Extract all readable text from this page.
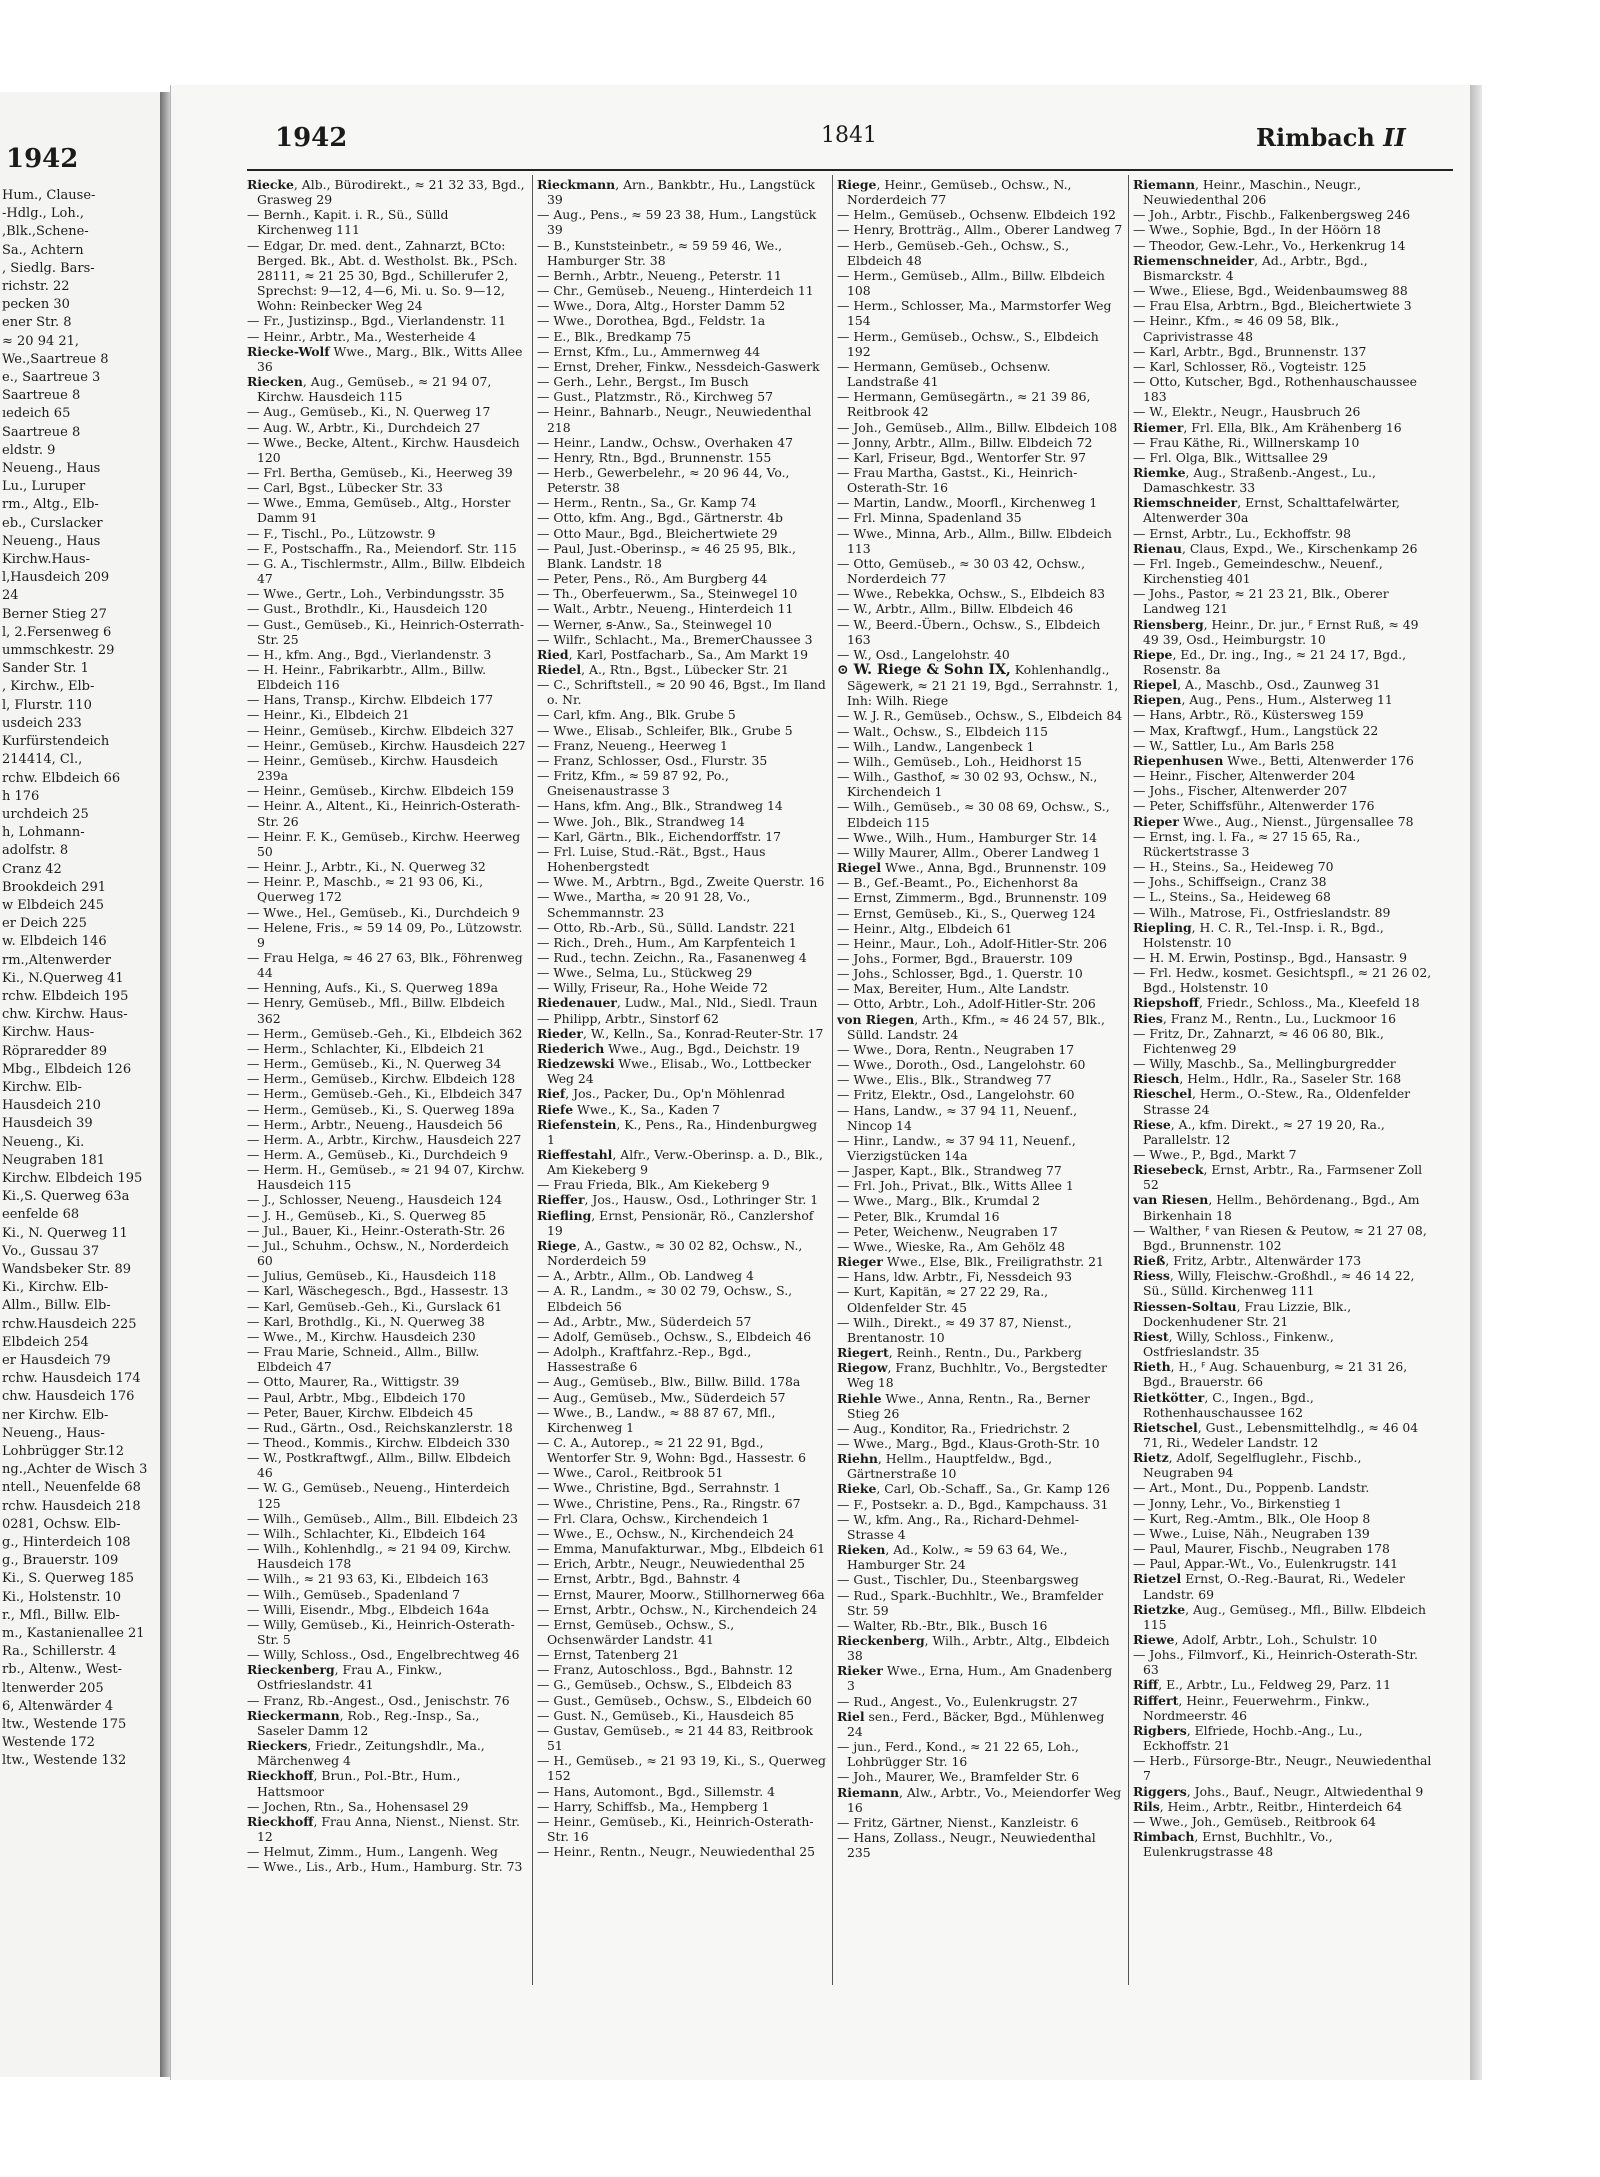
1942
Hum., Clause-
-Hdlg., Loh.,
,Blk.,Schene-
Sa., Achtern
, Siedlg. Bars-
richstr. 22
pecken 30
ener Str. 8
≈ 20 94 21,
We.,Saartreue 8
e., Saartreue 3
Saartreue 8
ıedeich 65
Saartreue 8
eldstr. 9
Neueng., Haus
Lu., Luruper
rm., Altg., Elb-
eb., Curslacker
Neueng., Haus
Kirchw.Haus-
l,Hausdeich 209
24
Berner Stieg 27
l, 2.Fersenweg 6
ummschkestr. 29
Sander Str. 1
, Kirchw., Elb-
l, Flurstr. 110
usdeich 233
Kurfürstendeich
214414, Cl.,
rchw. Elbdeich 66
h 176
urchdeich 25
h, Lohmann-
adolfstr. 8
Cranz 42
Brookdeich 291
w Elbdeich 245
er Deich 225
w. Elbdeich 146
rm.,Altenwerder
Ki., N.Querweg 41
rchw. Elbdeich 195
chw. Kirchw. Haus-
Kirchw. Haus-
Röpraredder 89
Mbg., Elbdeich 126
Kirchw. Elb-
Hausdeich 210
Hausdeich 39
Neueng., Ki.
Neugraben 181
Kirchw. Elbdeich 195
Ki.,S. Querweg 63a
eenfelde 68
Ki., N. Querweg 11
Vo., Gussau 37
Wandsbeker Str. 89
Ki., Kirchw. Elb-
Allm., Billw. Elb-
rchw.Hausdeich 225
Elbdeich 254
er Hausdeich 79
rchw. Hausdeich 174
chw. Hausdeich 176
ner Kirchw. Elb-
Neueng., Haus-
Lohbrügger Str.12
ng.,Achter de Wisch 3
ntell., Neuenfelde 68
rchw. Hausdeich 218
0281, Ochsw. Elb-
g., Hinterdeich 108
g., Brauerstr. 109
Ki., S. Querweg 185
Ki., Holstenstr. 10
r., Mfl., Billw. Elb-
m., Kastanienallee 21
Ra., Schillerstr. 4
rb., Altenw., West-
ltenwerder 205
6, Altenwärder 4
ltw., Westende 175
Westende 172
ltw., Westende 132
1942	1841	Rimbach II
Riecke, Alb., Bürodirekt., ≈ 21 32 33, Bgd., Grasweg 29
— Bernh., Kapit. i. R., Sü., Sülld Kirchenweg 111
— Edgar, Dr. med. dent., Zahnarzt, BCto: Berged. Bk., Abt. d. Westholst. Bk., PSch. 28111, ≈ 21 25 30, Bgd., Schillerufer 2, Sprechst: 9—12, 4—6, Mi. u. So. 9—12, Wohn: Reinbecker Weg 24
— Fr., Justizinsp., Bgd., Vierlandenstr. 11
— Heinr., Arbtr., Ma., Westerheide 4
Riecke-Wolf Wwe., Marg., Blk., Witts Allee 36
Riecken, Aug., Gemüseb., ≈ 21 94 07, Kirchw. Hausdeich 115
— Aug., Gemüseb., Ki., N. Querweg 17
— Aug. W., Arbtr., Ki., Durchdeich 27
— Wwe., Becke, Altent., Kirchw. Hausdeich 120
— Frl. Bertha, Gemüseb., Ki., Heerweg 39
— Carl, Bgst., Lübecker Str. 33
— Wwe., Emma, Gemüseb., Altg., Horster Damm 91
— F., Tischl., Po., Lützowstr. 9
— F., Postschaffn., Ra., Meiendorf. Str. 115
— G. A., Tischlermstr., Allm., Billw. Elbdeich 47
— Wwe., Gertr., Loh., Verbindungsstr. 35
— Gust., Brothdlr., Ki., Hausdeich 120
— Gust., Gemüseb., Ki., Heinrich-Osterrath-Str. 25
— H., kfm. Ang., Bgd., Vierlandenstr. 3
— H. Heinr., Fabrikarbtr., Allm., Billw. Elbdeich 116
— Hans, Transp., Kirchw. Elbdeich 177
— Heinr., Ki., Elbdeich 21
— Heinr., Gemüseb., Kirchw. Elbdeich 327
— Heinr., Gemüseb., Kirchw. Hausdeich 227
— Heinr., Gemüseb., Kirchw. Hausdeich 239a
— Heinr., Gemüseb., Kirchw. Elbdeich 159
— Heinr. A., Altent., Ki., Heinrich-Osterath-Str. 26
— Heinr. F. K., Gemüseb., Kirchw. Heerweg 50
— Heinr. J., Arbtr., Ki., N. Querweg 32
— Heinr. P., Maschb., ≈ 21 93 06, Ki., Querweg 172
— Wwe., Hel., Gemüseb., Ki., Durchdeich 9
— Helene, Fris., ≈ 59 14 09, Po., Lützowstr. 9
— Frau Helga, ≈ 46 27 63, Blk., Föhrenweg 44
— Henning, Aufs., Ki., S. Querweg 189a
— Henry, Gemüseb., Mfl., Billw. Elbdeich 362
— Herm., Gemüseb.-Geh., Ki., Elbdeich 362
— Herm., Schlachter, Ki., Elbdeich 21
— Herm., Gemüseb., Ki., N. Querweg 34
— Herm., Gemüseb., Kirchw. Elbdeich 128
— Herm., Gemüseb.-Geh., Ki., Elbdeich 347
— Herm., Gemüseb., Ki., S. Querweg 189a
— Herm., Arbtr., Neueng., Hausdeich 56
— Herm. A., Arbtr., Kirchw., Hausdeich 227
— Herm. A., Gemüseb., Ki., Durchdeich 9
— Herm. H., Gemüseb., ≈ 21 94 07, Kirchw. Hausdeich 115
— J., Schlosser, Neueng., Hausdeich 124
— J. H., Gemüseb., Ki., S. Querweg 85
— Jul., Bauer, Ki., Heinr.-Osterath-Str. 26
— Jul., Schuhm., Ochsw., N., Norderdeich 60
— Julius, Gemüseb., Ki., Hausdeich 118
— Karl, Wäschegesch., Bgd., Hassestr. 13
— Karl, Gemüseb.-Geh., Ki., Gurslack 61
— Karl, Brothdlg., Ki., N. Querweg 38
— Wwe., M., Kirchw. Hausdeich 230
— Frau Marie, Schneid., Allm., Billw. Elbdeich 47
— Otto, Maurer, Ra., Wittigstr. 39
— Paul, Arbtr., Mbg., Elbdeich 170
— Peter, Bauer, Kirchw. Elbdeich 45
— Rud., Gärtn., Osd., Reichskanzlerstr. 18
— Theod., Kommis., Kirchw. Elbdeich 330
— W., Postkraftwgf., Allm., Billw. Elbdeich 46
— W. G., Gemüseb., Neueng., Hinterdeich 125
— Wilh., Gemüseb., Allm., Bill. Elbdeich 23
— Wilh., Schlachter, Ki., Elbdeich 164
— Wilh., Kohlenhdlg., ≈ 21 94 09, Kirchw. Hausdeich 178
— Wilh., ≈ 21 93 63, Ki., Elbdeich 163
— Wilh., Gemüseb., Spadenland 7
— Willi, Eisendr., Mbg., Elbdeich 164a
— Willy, Gemüseb., Ki., Heinrich-Osterath-Str. 5
— Willy, Schloss., Osd., Engelbrechtweg 46
Rieckenberg, Frau A., Finkw., Ostfrieslandstr. 41
— Franz, Rb.-Angest., Osd., Jenischstr. 76
Rieckermann, Rob., Reg.-Insp., Sa., Saseler Damm 12
Rieckers, Friedr., Zeitungshdlr., Ma., Märchenweg 4
Rieckhoff, Brun., Pol.-Btr., Hum., Hattsmoor
— Jochen, Rtn., Sa., Hohensasel 29
Rieckhoff, Frau Anna, Nienst., Nienst. Str. 12
— Helmut, Zimm., Hum., Langenh. Weg
— Wwe., Lis., Arb., Hum., Hamburg. Str. 73
Rieckmann, Arn., Bankbtr., Hu., Langstück 39
— Aug., Pens., ≈ 59 23 38, Hum., Langstück 39
— B., Kunststeinbetr., ≈ 59 59 46, We., Hamburger Str. 38
— Bernh., Arbtr., Neueng., Peterstr. 11
— Chr., Gemüseb., Neueng., Hinterdeich 11
— Wwe., Dora, Altg., Horster Damm 52
— Wwe., Dorothea, Bgd., Feldstr. 1a
— E., Blk., Bredkamp 75
— Ernst, Kfm., Lu., Ammernweg 44
— Ernst, Dreher, Finkw., Nessdeich-Gaswerk
— Gerh., Lehr., Bergst., Im Busch
— Gust., Platzmstr., Rö., Kirchweg 57
— Heinr., Bahnarb., Neugr., Neuwiedenthal 218
— Heinr., Landw., Ochsw., Overhaken 47
— Henry, Rtn., Bgd., Brunnenstr. 155
— Herb., Gewerbelehr., ≈ 20 96 44, Vo., Peterstr. 38
— Herm., Rentn., Sa., Gr. Kamp 74
— Otto, kfm. Ang., Bgd., Gärtnerstr. 4b
— Otto Maur., Bgd., Bleichertwiete 29
— Paul, Just.-Oberinsp., ≈ 46 25 95, Blk., Blank. Landstr. 18
— Peter, Pens., Rö., Am Burgberg 44
— Th., Oberfeuerwm., Sa., Steinwegel 10
— Walt., Arbtr., Neueng., Hinterdeich 11
— Werner, ꞩ-Anw., Sa., Steinwegel 10
— Wilfr., Schlacht., Ma., BremerChaussee 3
Ried, Karl, Postfacharb., Sa., Am Markt 19
Riedel, A., Rtn., Bgst., Lübecker Str. 21
— C., Schriftstell., ≈ 20 90 46, Bgst., Im Iland o. Nr.
— Carl, kfm. Ang., Blk. Grube 5
— Wwe., Elisab., Schleifer, Blk., Grube 5
— Franz, Neueng., Heerweg 1
— Franz, Schlosser, Osd., Flurstr. 35
— Fritz, Kfm., ≈ 59 87 92, Po., Gneisenaustrasse 3
— Hans, kfm. Ang., Blk., Strandweg 14
— Wwe. Joh., Blk., Strandweg 14
— Karl, Gärtn., Blk., Eichendorffstr. 17
— Frl. Luise, Stud.-Rät., Bgst., Haus Hohenbergstedt
— Wwe. M., Arbtrn., Bgd., Zweite Querstr. 16
— Wwe., Martha, ≈ 20 91 28, Vo., Schemmannstr. 23
— Otto, Rb.-Arb., Sü., Sülld. Landstr. 221
— Rich., Dreh., Hum., Am Karpfenteich 1
— Rud., techn. Zeichn., Ra., Fasanenweg 4
— Wwe., Selma, Lu., Stückweg 29
— Willy, Friseur, Ra., Hohe Weide 72
Riedenauer, Ludw., Mal., Nld., Siedl. Traun
— Philipp, Arbtr., Sinstorf 62
Rieder, W., Kelln., Sa., Konrad-Reuter-Str. 17
Riederich Wwe., Aug., Bgd., Deichstr. 19
Riedzewski Wwe., Elisab., Wo., Lottbecker Weg 24
Rief, Jos., Packer, Du., Op'n Möhlenrad
Riefe Wwe., K., Sa., Kaden 7
Riefenstein, K., Pens., Ra., Hindenburgweg 1
Rieffestahl, Alfr., Verw.-Oberinsp. a. D., Blk., Am Kiekeberg 9
— Frau Frieda, Blk., Am Kiekeberg 9
Rieffer, Jos., Hausw., Osd., Lothringer Str. 1
Riefling, Ernst, Pensionär, Rö., Canzlershof 19
Riege, A., Gastw., ≈ 30 02 82, Ochsw., N., Norderdeich 59
— A., Arbtr., Allm., Ob. Landweg 4
— A. R., Landm., ≈ 30 02 79, Ochsw., S., Elbdeich 56
— Ad., Arbtr., Mw., Süderdeich 57
— Adolf, Gemüseb., Ochsw., S., Elbdeich 46
— Adolph., Kraftfahrz.-Rep., Bgd., Hassestraße 6
— Aug., Gemüseb., Blw., Billw. Billd. 178a
— Aug., Gemüseb., Mw., Süderdeich 57
— Wwe., B., Landw., ≈ 88 87 67, Mfl., Kirchenweg 1
— C. A., Autorep., ≈ 21 22 91, Bgd., Wentorfer Str. 9, Wohn: Bgd., Hassestr. 6
— Wwe., Carol., Reitbrook 51
— Wwe., Christine, Bgd., Serrahnstr. 1
— Wwe., Christine, Pens., Ra., Ringstr. 67
— Frl. Clara, Ochsw., Kirchendeich 1
— Wwe., E., Ochsw., N., Kirchendeich 24
— Emma, Manufakturwar., Mbg., Elbdeich 61
— Erich, Arbtr., Neugr., Neuwiedenthal 25
— Ernst, Arbtr., Bgd., Bahnstr. 4
— Ernst, Maurer, Moorw., Stillhornerweg 66a
— Ernst, Arbtr., Ochsw., N., Kirchendeich 24
— Ernst, Gemüseb., Ochsw., S., Ochsenwärder Landstr. 41
— Ernst, Tatenberg 21
— Franz, Autoschloss., Bgd., Bahnstr. 12
— G., Gemüseb., Ochsw., S., Elbdeich 83
— Gust., Gemüseb., Ochsw., S., Elbdeich 60
— Gust. N., Gemüseb., Ki., Hausdeich 85
— Gustav, Gemüseb., ≈ 21 44 83, Reitbrook 51
— H., Gemüseb., ≈ 21 93 19, Ki., S., Querweg 152
— Hans, Automont., Bgd., Sillemstr. 4
— Harry, Schiffsb., Ma., Hempberg 1
— Heinr., Gemüseb., Ki., Heinrich-Osterath-Str. 16
— Heinr., Rentn., Neugr., Neuwiedenthal 25
Riege, Heinr., Gemüseb., Ochsw., N., Norderdeich 77
— Helm., Gemüseb., Ochsenw. Elbdeich 192
— Henry, Brotträg., Allm., Oberer Landweg 7
— Herb., Gemüseb.-Geh., Ochsw., S., Elbdeich 48
— Herm., Gemüseb., Allm., Billw. Elbdeich 108
— Herm., Schlosser, Ma., Marmstorfer Weg 154
— Herm., Gemüseb., Ochsw., S., Elbdeich 192
— Hermann, Gemüseb., Ochsenw. Landstraße 41
— Hermann, Gemüsegärtn., ≈ 21 39 86, Reitbrook 42
— Joh., Gemüseb., Allm., Billw. Elbdeich 108
— Jonny, Arbtr., Allm., Billw. Elbdeich 72
— Karl, Friseur, Bgd., Wentorfer Str. 97
— Frau Martha, Gastst., Ki., Heinrich-Osterath-Str. 16
— Martin, Landw., Moorfl., Kirchenweg 1
— Frl. Minna, Spadenland 35
— Wwe., Minna, Arb., Allm., Billw. Elbdeich 113
— Otto, Gemüseb., ≈ 30 03 42, Ochsw., Norderdeich 77
— Wwe., Rebekka, Ochsw., S., Elbdeich 83
— W., Arbtr., Allm., Billw. Elbdeich 46
— W., Beerd.-Übern., Ochsw., S., Elbdeich 163
— W., Osd., Langelohstr. 40
⊙ W. Riege & Sohn ⅠⅩ, Kohlenhandlg., Sägewerk, ≈ 21 21 19, Bgd., Serrahnstr. 1, Inh: Wilh. Riege
— W. J. R., Gemüseb., Ochsw., S., Elbdeich 84
— Walt., Ochsw., S., Elbdeich 115
— Wilh., Landw., Langenbeck 1
— Wilh., Gemüseb., Loh., Heidhorst 15
— Wilh., Gasthof, ≈ 30 02 93, Ochsw., N., Kirchendeich 1
— Wilh., Gemüseb., ≈ 30 08 69, Ochsw., S., Elbdeich 115
— Wwe., Wilh., Hum., Hamburger Str. 14
— Willy Maurer, Allm., Oberer Landweg 1
Riegel Wwe., Anna, Bgd., Brunnenstr. 109
— B., Gef.-Beamt., Po., Eichenhorst 8a
— Ernst, Zimmerm., Bgd., Brunnenstr. 109
— Ernst, Gemüseb., Ki., S., Querweg 124
— Heinr., Altg., Elbdeich 61
— Heinr., Maur., Loh., Adolf-Hitler-Str. 206
— Johs., Former, Bgd., Brauerstr. 109
— Johs., Schlosser, Bgd., 1. Querstr. 10
— Max, Bereiter, Hum., Alte Landstr.
— Otto, Arbtr., Loh., Adolf-Hitler-Str. 206
von Riegen, Arth., Kfm., ≈ 46 24 57, Blk., Sülld. Landstr. 24
— Wwe., Dora, Rentn., Neugraben 17
— Wwe., Doroth., Osd., Langelohstr. 60
— Wwe., Elis., Blk., Strandweg 77
— Fritz, Elektr., Osd., Langelohstr. 60
— Hans, Landw., ≈ 37 94 11, Neuenf., Nincop 14
— Hinr., Landw., ≈ 37 94 11, Neuenf., Vierzigstücken 14a
— Jasper, Kapt., Blk., Strandweg 77
— Frl. Joh., Privat., Blk., Witts Allee 1
— Wwe., Marg., Blk., Krumdal 2
— Peter, Blk., Krumdal 16
— Peter, Weichenw., Neugraben 17
— Wwe., Wieske, Ra., Am Gehölz 48
Rieger Wwe., Else, Blk., Freiligrathstr. 21
— Hans, ldw. Arbtr., Fi, Nessdeich 93
— Kurt, Kapitän, ≈ 27 22 29, Ra., Oldenfelder Str. 45
— Wilh., Direkt., ≈ 49 37 87, Nienst., Brentanostr. 10
Riegert, Reinh., Rentn., Du., Parkberg
Riegow, Franz, Buchhltr., Vo., Bergstedter Weg 18
Riehle Wwe., Anna, Rentn., Ra., Berner Stieg 26
— Aug., Konditor, Ra., Friedrichstr. 2
— Wwe., Marg., Bgd., Klaus-Groth-Str. 10
Riehn, Hellm., Hauptfeldw., Bgd., Gärtnerstraße 10
Rieke, Carl, Ob.-Schaff., Sa., Gr. Kamp 126
— F., Postsekr. a. D., Bgd., Kampchauss. 31
— W., kfm. Ang., Ra., Richard-Dehmel-Strasse 4
Rieken, Ad., Kolw., ≈ 59 63 64, We., Hamburger Str. 24
— Gust., Tischler, Du., Steenbargsweg
— Rud., Spark.-Buchhltr., We., Bramfelder Str. 59
— Walter, Rb.-Btr., Blk., Busch 16
Rieckenberg, Wilh., Arbtr., Altg., Elbdeich 38
Rieker Wwe., Erna, Hum., Am Gnadenberg 3
— Rud., Angest., Vo., Eulenkrugstr. 27
Riel sen., Ferd., Bäcker, Bgd., Mühlenweg 24
— jun., Ferd., Kond., ≈ 21 22 65, Loh., Lohbrügger Str. 16
— Joh., Maurer, We., Bramfelder Str. 6
Riemann, Alw., Arbtr., Vo., Meiendorfer Weg 16
— Fritz, Gärtner, Nienst., Kanzleistr. 6
— Hans, Zollass., Neugr., Neuwiedenthal 235
Riemann, Heinr., Maschin., Neugr., Neuwiedenthal 206
— Joh., Arbtr., Fischb., Falkenbergsweg 246
— Wwe., Sophie, Bgd., In der Höörn 18
— Theodor, Gew.-Lehr., Vo., Herkenkrug 14
Riemenschneider, Ad., Arbtr., Bgd., Bismarckstr. 4
— Wwe., Eliese, Bgd., Weidenbaumsweg 88
— Frau Elsa, Arbtrn., Bgd., Bleichertwiete 3
— Heinr., Kfm., ≈ 46 09 58, Blk., Caprivistrasse 48
— Karl, Arbtr., Bgd., Brunnenstr. 137
— Karl, Schlosser, Rö., Vogteistr. 125
— Otto, Kutscher, Bgd., Rothenhauschaussee 183
— W., Elektr., Neugr., Hausbruch 26
Riemer, Frl. Ella, Blk., Am Krähenberg 16
— Frau Käthe, Ri., Willnerskamp 10
— Frl. Olga, Blk., Wittsallee 29
Riemke, Aug., Straßenb.-Angest., Lu., Damaschkestr. 33
Riemschneider, Ernst, Schalttafelwärter, Altenwerder 30a
— Ernst, Arbtr., Lu., Eckhoffstr. 98
Rienau, Claus, Expd., We., Kirschenkamp 26
— Frl. Ingeb., Gemeindeschw., Neuenf., Kirchenstieg 401
— Johs., Pastor, ≈ 21 23 21, Blk., Oberer Landweg 121
Riensberg, Heinr., Dr. jur., ꟳ Ernst Ruß, ≈ 49 49 39, Osd., Heimburgstr. 10
Riepe, Ed., Dr. ing., Ing., ≈ 21 24 17, Bgd., Rosenstr. 8a
Riepel, A., Maschb., Osd., Zaunweg 31
Riepen, Aug., Pens., Hum., Alsterweg 11
— Hans, Arbtr., Rö., Küstersweg 159
— Max, Kraftwgf., Hum., Langstück 22
— W., Sattler, Lu., Am Barls 258
Riepenhusen Wwe., Betti, Altenwerder 176
— Heinr., Fischer, Altenwerder 204
— Johs., Fischer, Altenwerder 207
— Peter, Schiffsführ., Altenwerder 176
Rieper Wwe., Aug., Nienst., Jürgensallee 78
— Ernst, ing. l. Fa., ≈ 27 15 65, Ra., Rückertstrasse 3
— H., Steins., Sa., Heideweg 70
— Johs., Schiffseign., Cranz 38
— L., Steins., Sa., Heideweg 68
— Wilh., Matrose, Fi., Ostfrieslandstr. 89
Riepling, H. C. R., Tel.-Insp. i. R., Bgd., Holstenstr. 10
— H. M. Erwin, Postinsp., Bgd., Hansastr. 9
— Frl. Hedw., kosmet. Gesichtspfl., ≈ 21 26 02, Bgd., Holstenstr. 10
Riepshoff, Friedr., Schloss., Ma., Kleefeld 18
Ries, Franz M., Rentn., Lu., Luckmoor 16
— Fritz, Dr., Zahnarzt, ≈ 46 06 80, Blk., Fichtenweg 29
— Willy, Maschb., Sa., Mellingburgredder
Riesch, Helm., Hdlr., Ra., Saseler Str. 168
Rieschel, Herm., O.-Stew., Ra., Oldenfelder Strasse 24
Riese, A., kfm. Direkt., ≈ 27 19 20, Ra., Parallelstr. 12
— Wwe., P., Bgd., Markt 7
Riesebeck, Ernst, Arbtr., Ra., Farmsener Zoll 52
van Riesen, Hellm., Behördenang., Bgd., Am Birkenhain 18
— Walther, ꟳ van Riesen & Peutow, ≈ 21 27 08, Bgd., Brunnenstr. 102
Rieß, Fritz, Arbtr., Altenwärder 173
Riess, Willy, Fleischw.-Großhdl., ≈ 46 14 22, Sü., Sülld. Kirchenweg 111
Riessen-Soltau, Frau Lizzie, Blk., Dockenhudener Str. 21
Riest, Willy, Schloss., Finkenw., Ostfrieslandstr. 35
Rieth, H., ꟳ Aug. Schauenburg, ≈ 21 31 26, Bgd., Brauerstr. 66
Rietkötter, C., Ingen., Bgd., Rothenhauschaussee 162
Rietschel, Gust., Lebensmittelhdlg., ≈ 46 04 71, Ri., Wedeler Landstr. 12
Rietz, Adolf, Segelfluglehr., Fischb., Neugraben 94
— Art., Mont., Du., Poppenb. Landstr.
— Jonny, Lehr., Vo., Birkenstieg 1
— Kurt, Reg.-Amtm., Blk., Ole Hoop 8
— Wwe., Luise, Näh., Neugraben 139
— Paul, Maurer, Fischb., Neugraben 178
— Paul, Appar.-Wt., Vo., Eulenkrugstr. 141
Rietzel Ernst, O.-Reg.-Baurat, Ri., Wedeler Landstr. 69
Rietzke, Aug., Gemüseg., Mfl., Billw. Elbdeich 115
Riewe, Adolf, Arbtr., Loh., Schulstr. 10
— Johs., Filmvorf., Ki., Heinrich-Osterath-Str. 63
Riff, E., Arbtr., Lu., Feldweg 29, Parz. 11
Riffert, Heinr., Feuerwehrm., Finkw., Nordmeerstr. 46
Rigbers, Elfriede, Hochb.-Ang., Lu., Eckhoffstr. 21
— Herb., Fürsorge-Btr., Neugr., Neuwiedenthal 7
Riggers, Johs., Bauf., Neugr., Altwiedenthal 9
Rils, Heim., Arbtr., Reitbr., Hinterdeich 64
— Wwe., Joh., Gemüseb., Reitbrook 64
Rimbach, Ernst, Buchhltr., Vo., Eulenkrugstrasse 48
